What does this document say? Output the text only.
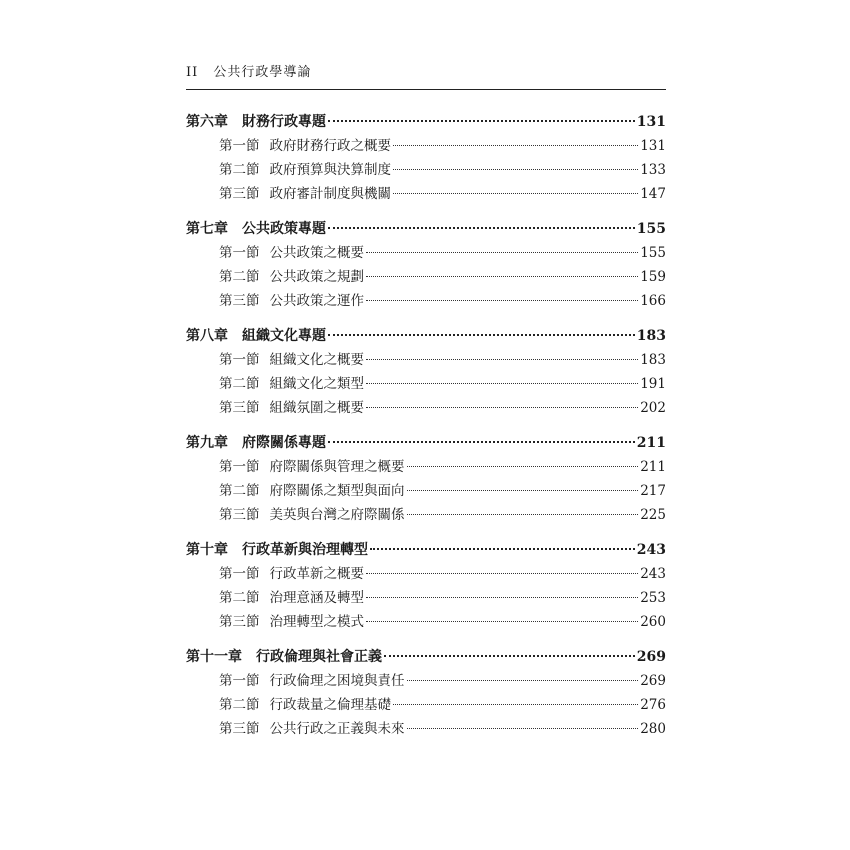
II 公共行政學導論
第六章 財務行政專題	131
第一節 政府財務行政之概要	131
第二節 政府預算與決算制度	133
第三節 政府審計制度與機關	147
第七章 公共政策專題	155
第一節 公共政策之概要	155
第二節 公共政策之規劃	159
第三節 公共政策之運作	166
第八章 組織文化專題	183
第一節 組織文化之概要	183
第二節 組織文化之類型	191
第三節 組織氛圍之概要	202
第九章 府際關係專題	211
第一節 府際關係與管理之概要	211
第二節 府際關係之類型與面向	217
第三節 美英與台灣之府際關係	225
第十章 行政革新與治理轉型	243
第一節 行政革新之概要	243
第二節 治理意涵及轉型	253
第三節 治理轉型之模式	260
第十一章 行政倫理與社會正義	269
第一節 行政倫理之困境與責任	269
第二節 行政裁量之倫理基礎	276
第三節 公共行政之正義與未來	280
